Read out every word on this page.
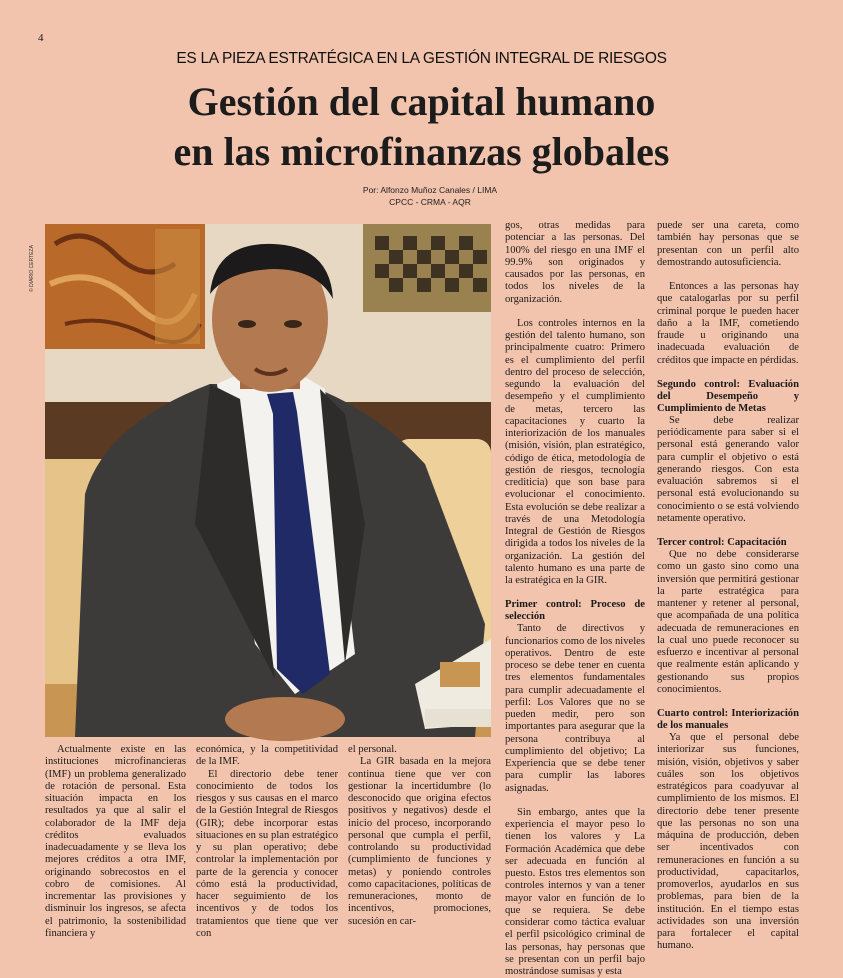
4
ES LA PIEZA ESTRATÉGICA EN LA GESTIÓN INTEGRAL DE RIESGOS
Gestión del capital humano
en las microfinanzas globales
Por: Alfonzo Muñoz Canales / LIMA
CPCC - CRMA - AQR
© DIARIO CERTEZA

Actualmente existe en las instituciones microfinancieras (IMF) un problema generalizado de rotación de personal. Esta situación impacta en los resultados ya que al salir el colaborador de la IMF deja créditos evaluados inadecuadamente y se lleva los mejores créditos a otra IMF, originando sobrecostos en el cobro de comisiones. Al incrementar las provisiones y disminuir los ingresos, se afecta el patrimonio, la sostenibilidad financiera y

económica, y la competitividad de la IMF.

El directorio debe tener conocimiento de todos los riesgos y sus causas en el marco de la Gestión Integral de Riesgos (GIR); debe incorporar estas situaciones en su plan estratégico y su plan operativo; debe controlar la implementación por parte de la gerencia y conocer cómo está la productividad, hacer seguimiento de los incentivos y de todos los tratamientos que tiene que ver con

el personal.

La GIR basada en la mejora continua tiene que ver con gestionar la incertidumbre (lo desconocido que origina efectos positivos y negativos) desde el inicio del proceso, incorporando personal que cumpla el perfil, controlando su productividad (cumplimiento de funciones y metas) y poniendo controles como capacitaciones, políticas de remuneraciones, monto de incentivos, promociones, sucesión en car-

gos, otras medidas para potenciar a las personas. Del 100% del riesgo en una IMF el 99.9% son originados y causados por las personas, en todos los niveles de la organización.

Los controles internos en la gestión del talento humano, son principalmente cuatro: Primero es el cumplimiento del perfil dentro del proceso de selección, segundo la evaluación del desempeño y el cumplimiento de metas, tercero las capacitaciones y cuarto la interiorización de los manuales (misión, visión, plan estratégico, código de ética, metodología de gestión de riesgos, tecnología crediticia) que son base para evolucionar el conocimiento. Esta evolución se debe realizar a través de una Metodología Integral de Gestión de Riesgos dirigida a todos los niveles de la organización. La gestión del talento humano es una parte de la estratégica en la GIR.

Primer control: Proceso de selección

Tanto de directivos y funcionarios como de los niveles operativos. Dentro de este proceso se debe tener en cuenta tres elementos fundamentales para cumplir adecuadamente el perfil: Los Valores que no se pueden medir, pero son importantes para asegurar que la persona contribuya al cumplimiento del objetivo; La Experiencia que se debe tener para cumplir las labores asignadas.

Sin embargo, antes que la experiencia el mayor peso lo tienen los valores y La Formación Académica que debe ser adecuada en función al puesto. Estos tres elementos son controles internos y van a tener mayor valor en función de lo que se requiera. Se debe considerar como táctica evaluar el perfil psicológico criminal de las personas, hay personas que se presentan con un perfil bajo mostrándose sumisas y esta

puede ser una careta, como también hay personas que se presentan con un perfil alto demostrando autosuficiencia.

Entonces a las personas hay que catalogarlas por su perfil criminal porque le pueden hacer daño a la IMF, cometiendo fraude u originando una inadecuada evaluación de créditos que impacte en pérdidas.

Segundo control: Evaluación del Desempeño y Cumplimiento de Metas

Se debe realizar periódicamente para saber si el personal está generando valor para cumplir el objetivo o está generando riesgos. Con esta evaluación sabremos si el personal está evolucionando su conocimiento o se está volviendo netamente operativo.

Tercer control: Capacitación

Que no debe considerarse como un gasto sino como una inversión que permitirá gestionar la parte estratégica para mantener y retener al personal, que acompañada de una política adecuada de remuneraciones en la cual uno puede reconocer su esfuerzo e incentivar al personal que realmente están aplicando y gestionando sus propios conocimientos.

Cuarto control: Interiorización de los manuales

Ya que el personal debe interiorizar sus funciones, misión, visión, objetivos y saber cuáles son los objetivos estratégicos para coadyuvar al cumplimiento de los mismos. El directorio debe tener presente que las personas no son una máquina de producción, deben ser incentivados con remuneraciones en función a su productividad, capacitarlos, promoverlos, ayudarlos en sus problemas, para bien de la institución. En el tiempo estas actividades son una inversión para fortalecer el capital humano.
